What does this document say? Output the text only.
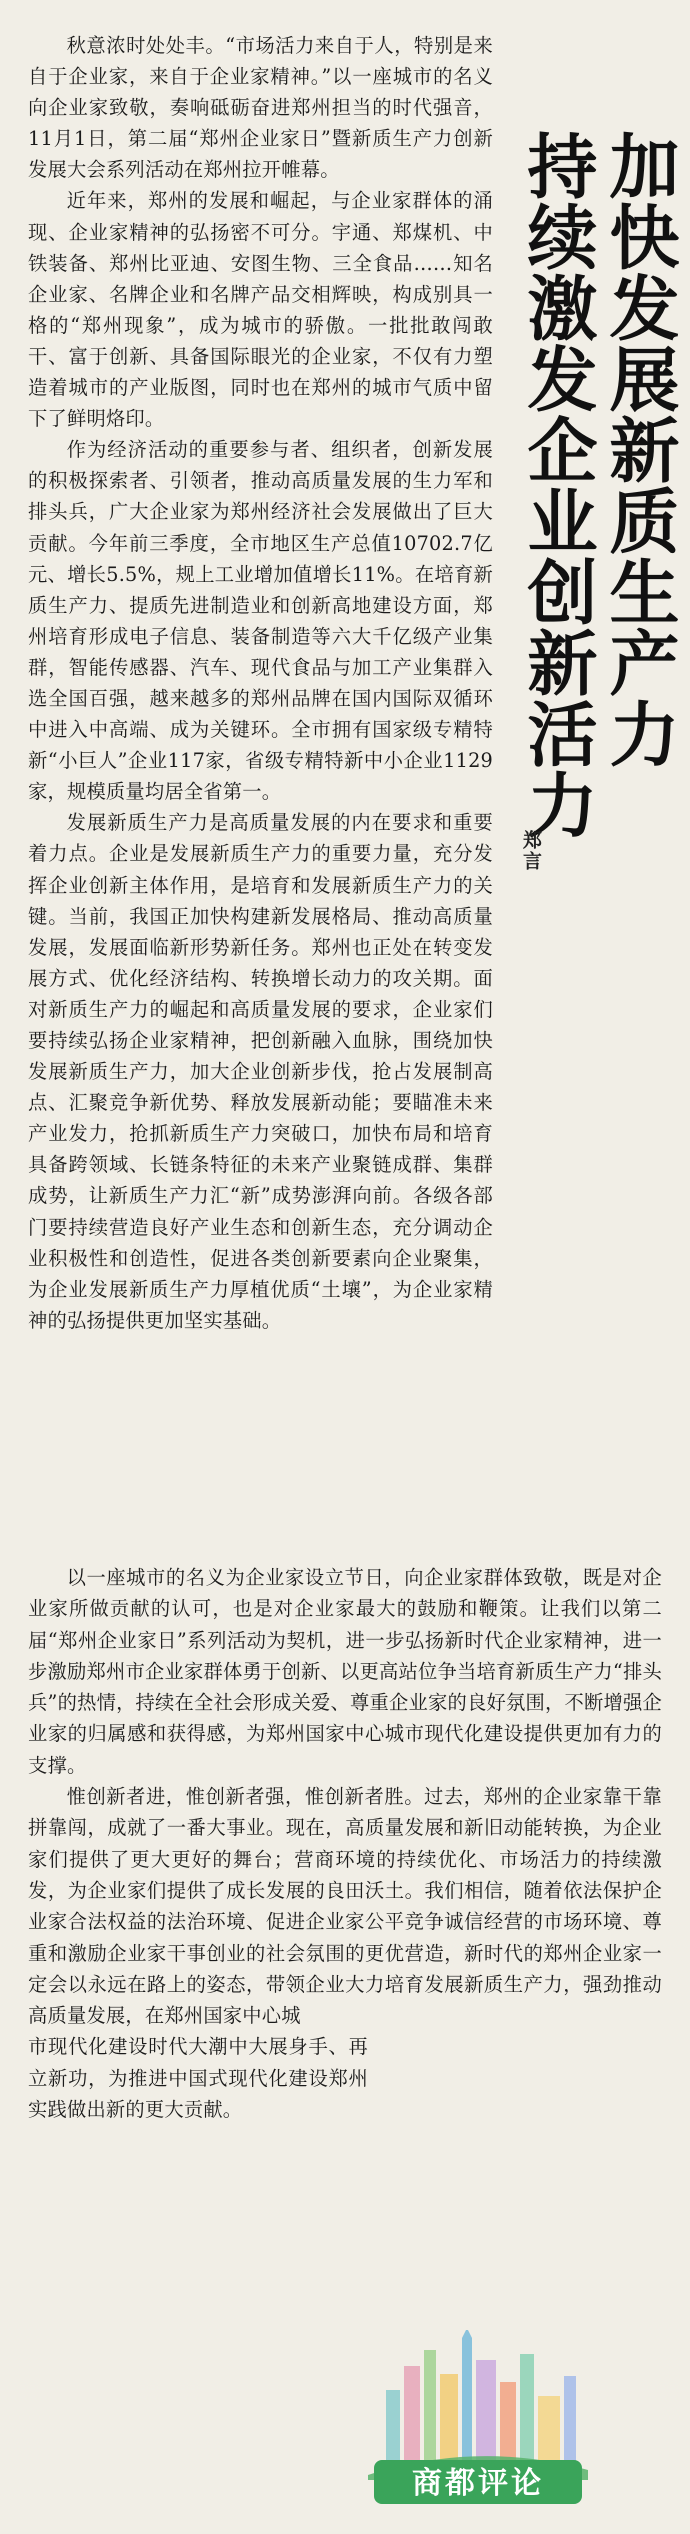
秋意浓时处处丰。“市场活力来自于人，特别是来自于企业家，来自于企业家精神。”以一座城市的名义向企业家致敬，奏响砥砺奋进郑州担当的时代强音，11月1日，第二届“郑州企业家日”暨新质生产力创新发展大会系列活动在郑州拉开帷幕。

近年来，郑州的发展和崛起，与企业家群体的涌现、企业家精神的弘扬密不可分。宇通、郑煤机、中铁装备、郑州比亚迪、安图生物、三全食品……知名企业家、名牌企业和名牌产品交相辉映，构成别具一格的“郑州现象”，成为城市的骄傲。一批批敢闯敢干、富于创新、具备国际眼光的企业家，不仅有力塑造着城市的产业版图，同时也在郑州的城市气质中留下了鲜明烙印。

作为经济活动的重要参与者、组织者，创新发展的积极探索者、引领者，推动高质量发展的生力军和排头兵，广大企业家为郑州经济社会发展做出了巨大贡献。今年前三季度，全市地区生产总值10702.7亿元、增长5.5%，规上工业增加值增长11%。在培育新质生产力、提质先进制造业和创新高地建设方面，郑州培育形成电子信息、装备制造等六大千亿级产业集群，智能传感器、汽车、现代食品与加工产业集群入选全国百强，越来越多的郑州品牌在国内国际双循环中进入中高端、成为关键环。全市拥有国家级专精特新“小巨人”企业117家，省级专精特新中小企业1129家，规模质量均居全省第一。

发展新质生产力是高质量发展的内在要求和重要着力点。企业是发展新质生产力的重要力量，充分发挥企业创新主体作用，是培育和发展新质生产力的关键。当前，我国正加快构建新发展格局、推动高质量发展，发展面临新形势新任务。郑州也正处在转变发展方式、优化经济结构、转换增长动力的攻关期。面对新质生产力的崛起和高质量发展的要求，企业家们要持续弘扬企业家精神，把创新融入血脉，围绕加快发展新质生产力，加大企业创新步伐，抢占发展制高点、汇聚竞争新优势、释放发展新动能；要瞄准未来产业发力，抢抓新质生产力突破口，加快布局和培育具备跨领域、长链条特征的未来产业聚链成群、集群成势，让新质生产力汇“新”成势澎湃向前。各级各部门要持续营造良好产业生态和创新生态，充分调动企业积极性和创造性，促进各类创新要素向企业聚集，为企业发展新质生产力厚植优质“土壤”，为企业家精神的弘扬提供更加坚实基础。

加快发展新质生产力
持续激发企业创新活力
郑言

以一座城市的名义为企业家设立节日，向企业家群体致敬，既是对企业家所做贡献的认可，也是对企业家最大的鼓励和鞭策。让我们以第二届“郑州企业家日”系列活动为契机，进一步弘扬新时代企业家精神，进一步激励郑州市企业家群体勇于创新、以更高站位争当培育新质生产力“排头兵”的热情，持续在全社会形成关爱、尊重企业家的良好氛围，不断增强企业家的归属感和获得感，为郑州国家中心城市现代化建设提供更加有力的支撑。

惟创新者进，惟创新者强，惟创新者胜。过去，郑州的企业家靠干靠拼靠闯，成就了一番大事业。现在，高质量发展和新旧动能转换，为企业家们提供了更大更好的舞台；营商环境的持续优化、市场活力的持续激发，为企业家们提供了成长发展的良田沃土。我们相信，随着依法保护企业家合法权益的法治环境、促进企业家公平竞争诚信经营的市场环境、尊重和激励企业家干事创业的社会氛围的更优营造，新时代的郑州企业家一定会以永远在路上的姿态，带领企业大力培育发展新质生产力，强劲推动高质量发展，在郑州国家中心城

市现代化建设时代大潮中大展身手、再立新功，为推进中国式现代化建设郑州实践做出新的更大贡献。

商都评论
